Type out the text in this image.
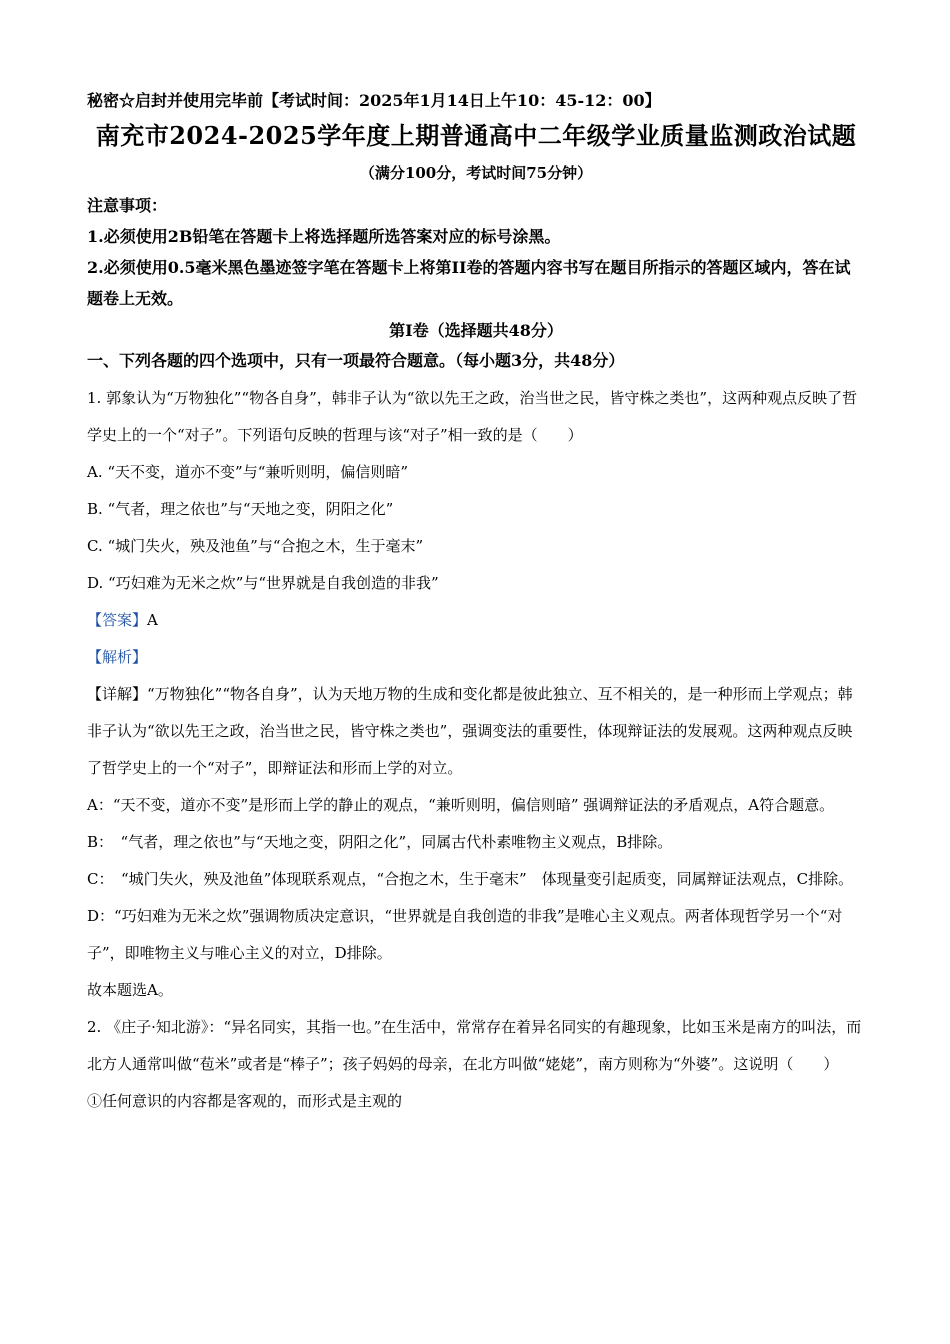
秘密☆启封并使用完毕前【考试时间：2025年1月14日上午10：45-12：00】

南充市2024-2025学年度上期普通高中二年级学业质量监测政治试题

（满分100分，考试时间75分钟）

注意事项：

1.必须使用2B铅笔在答题卡上将选择题所选答案对应的标号涂黑。

2.必须使用0.5毫米黑色墨迹签字笔在答题卡上将第II卷的答题内容书写在题目所指示的答题区域内，答在试题卷上无效。

第I卷（选择题共48分）

一、下列各题的四个选项中，只有一项最符合题意。（每小题3分，共48分）

1. 郭象认为“万物独化”“物各自身”，韩非子认为“欲以先王之政，治当世之民，皆守株之类也”，这两种观点反映了哲学史上的一个“对子”。下列语句反映的哲理与该“对子”相一致的是（　　）

A. “天不变，道亦不变”与“兼听则明，偏信则暗”

B. “气者，理之依也”与“天地之变，阴阳之化”

C. “城门失火，殃及池鱼”与“合抱之木，生于毫末”

D. “巧妇难为无米之炊”与“世界就是自我创造的非我”

【答案】A

【解析】

【详解】“万物独化”“物各自身”，认为天地万物的生成和变化都是彼此独立、互不相关的，是一种形而上学观点；韩非子认为“欲以先王之政，治当世之民，皆守株之类也”，强调变法的重要性，体现辩证法的发展观。这两种观点反映了哲学史上的一个“对子”，即辩证法和形而上学的对立。

A：“天不变，道亦不变”是形而上学的静止的观点，“兼听则明，偏信则暗” 强调辩证法的矛盾观点，A符合题意。

B：　“气者，理之依也”与“天地之变，阴阳之化”，同属古代朴素唯物主义观点，B排除。

C：　“城门失火，殃及池鱼”体现联系观点，“合抱之木，生于毫末”　体现量变引起质变，同属辩证法观点，C排除。

D：“巧妇难为无米之炊”强调物质决定意识，“世界就是自我创造的非我”是唯心主义观点。两者体现哲学另一个“对子”，即唯物主义与唯心主义的对立，D排除。

故本题选A。

2. 《庄子·知北游》：“异名同实，其指一也。”在生活中，常常存在着异名同实的有趣现象，比如玉米是南方的叫法，而北方人通常叫做“苞米”或者是“棒子”；孩子妈妈的母亲，在北方叫做“姥姥”，南方则称为“外婆”。这说明（　　）

①任何意识的内容都是客观的，而形式是主观的
